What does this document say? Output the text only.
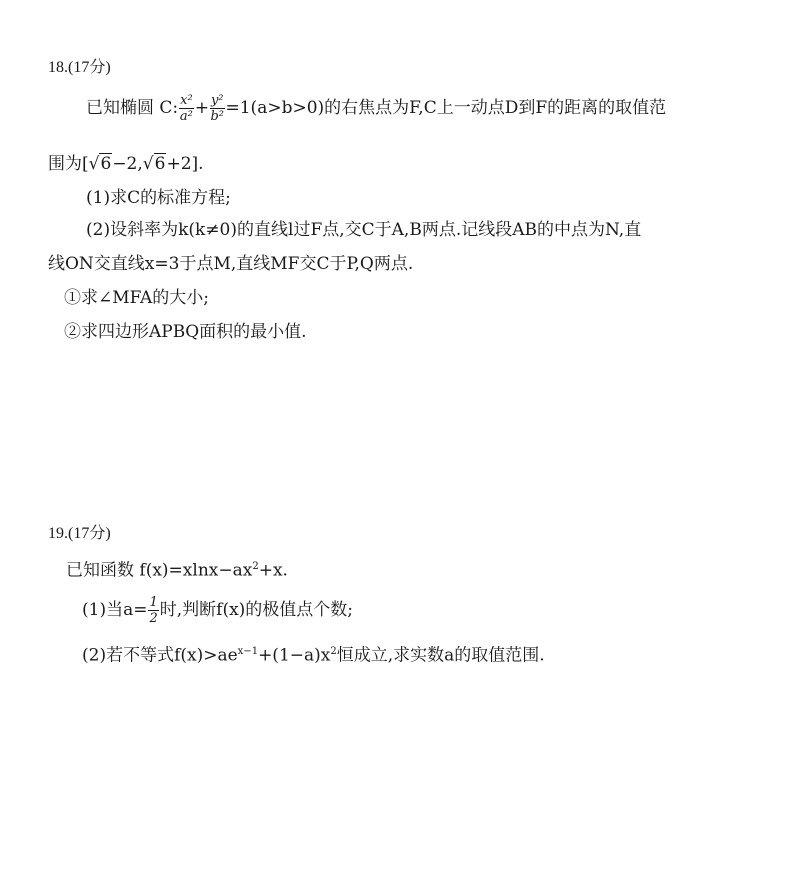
18.(17分)
已知椭圆 C: $\frac{\text{x²}}{\text{a²}} + \frac{\text{y²}}{\text{b²}} =1(a>b>0)$的右焦点为F,C上一动点D到F的距离的取值范
围为[√6−2,√6+2].
(1)求C的标准方程;
(2)设斜率为k(k≠0)的直线l过F点,交C于A,B两点.记线段AB的中点为N,直
线ON交直线x=3于点M,直线MF交C于P,Q两点.
①求∠MFA的大小;
②求四边形APBQ面积的最小值.
19.(17分)
已知函数 $f(x)=xlnx-ax^2+x$.
(1)当$a= \frac{1}{2}$ 时,判断f(x)的极值点个数;
(2)若不等式$f(x)>ae^{x-1}+(1-a)x^2$恒成立,求实数a的取值范围.
